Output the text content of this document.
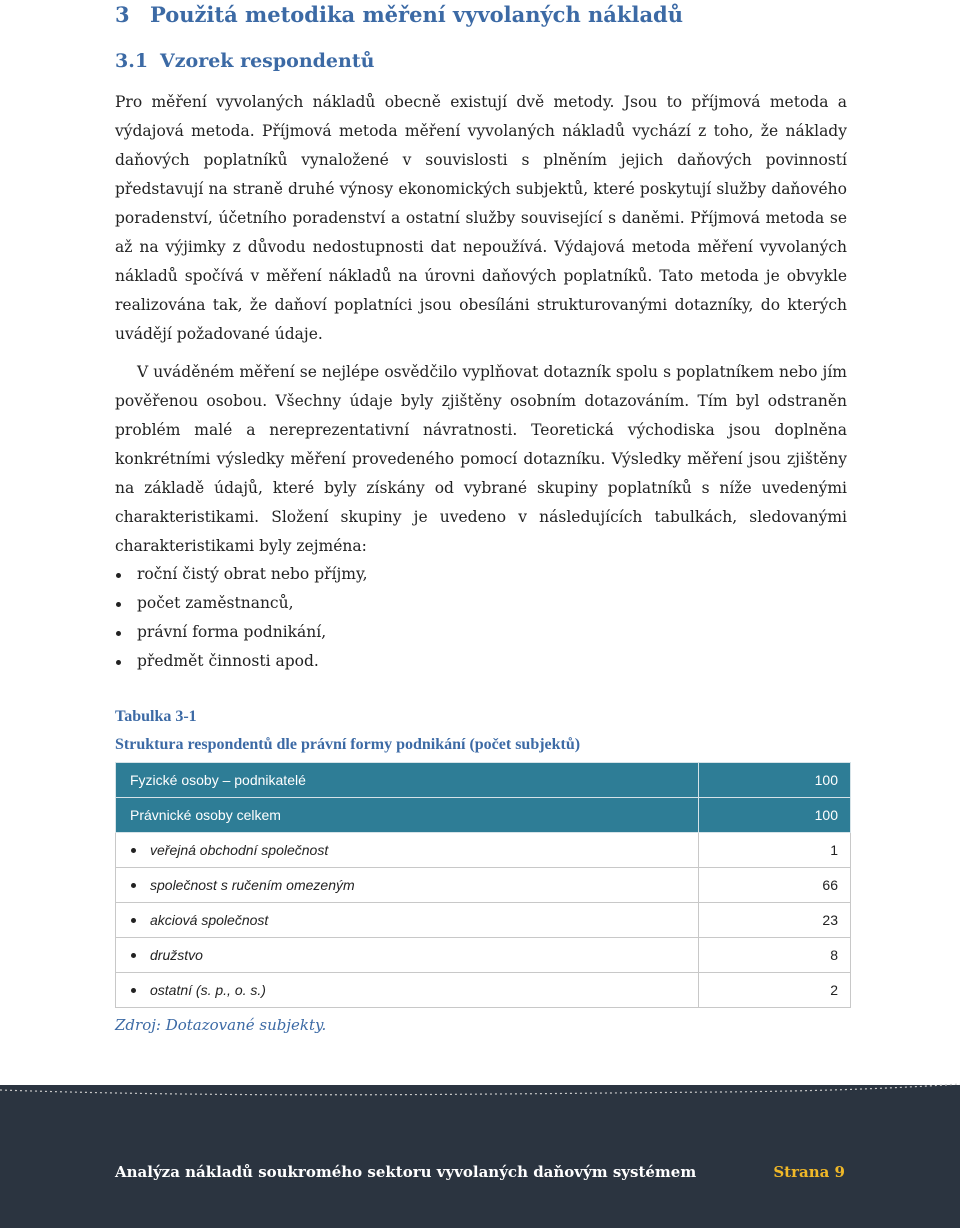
3 Použitá metodika měření vyvolaných nákladů
3.1 Vzorek respondentů

Pro měření vyvolaných nákladů obecně existují dvě metody. Jsou to příjmová metoda a výdajová metoda. Příjmová metoda měření vyvolaných nákladů vychází z toho, že náklady daňových poplatníků vynaložené v souvislosti s plněním jejich daňových povinností představují na straně druhé výnosy ekonomických subjektů, které poskytují služby daňového poradenství, účetního poradenství a ostatní služby související s daněmi. Příjmová metoda se až na výjimky z důvodu nedostupnosti dat nepoužívá. Výdajová metoda měření vyvolaných nákladů spočívá v měření nákladů na úrovni daňových poplatníků. Tato metoda je obvykle realizována tak, že daňoví poplatníci jsou obesíláni strukturovanými dotazníky, do kterých uvádějí požadované údaje.

V uváděném měření se nejlépe osvědčilo vyplňovat dotazník spolu s poplatníkem nebo jím pověřenou osobou. Všechny údaje byly zjištěny osobním dotazováním. Tím byl odstraněn problém malé a nereprezentativní návratnosti. Teoretická východiska jsou doplněna konkrétními výsledky měření provedeného pomocí dotazníku. Výsledky měření jsou zjištěny na základě údajů, které byly získány od vybrané skupiny poplatníků s níže uvedenými charakteristikami. Složení skupiny je uvedeno v následujících tabulkách, sledovanými charakteristikami byly zejména:

roční čistý obrat nebo příjmy,
počet zaměstnanců,
právní forma podnikání,
předmět činnosti apod.

Tabulka 3-1

Struktura respondentů dle právní formy podnikání (počet subjektů)

Fyzické osoby – podnikatelé	100
Právnické osoby celkem	100

veřejná obchodní společnost	1

společnost s ručením omezeným	66

akciová společnost	23

družstvo	8

ostatní (s. p., o. s.)	2

Zdroj: Dotazované subjekty.

Analýza nákladů soukromého sektoru vyvolaných daňovým systémem	Strana 9
